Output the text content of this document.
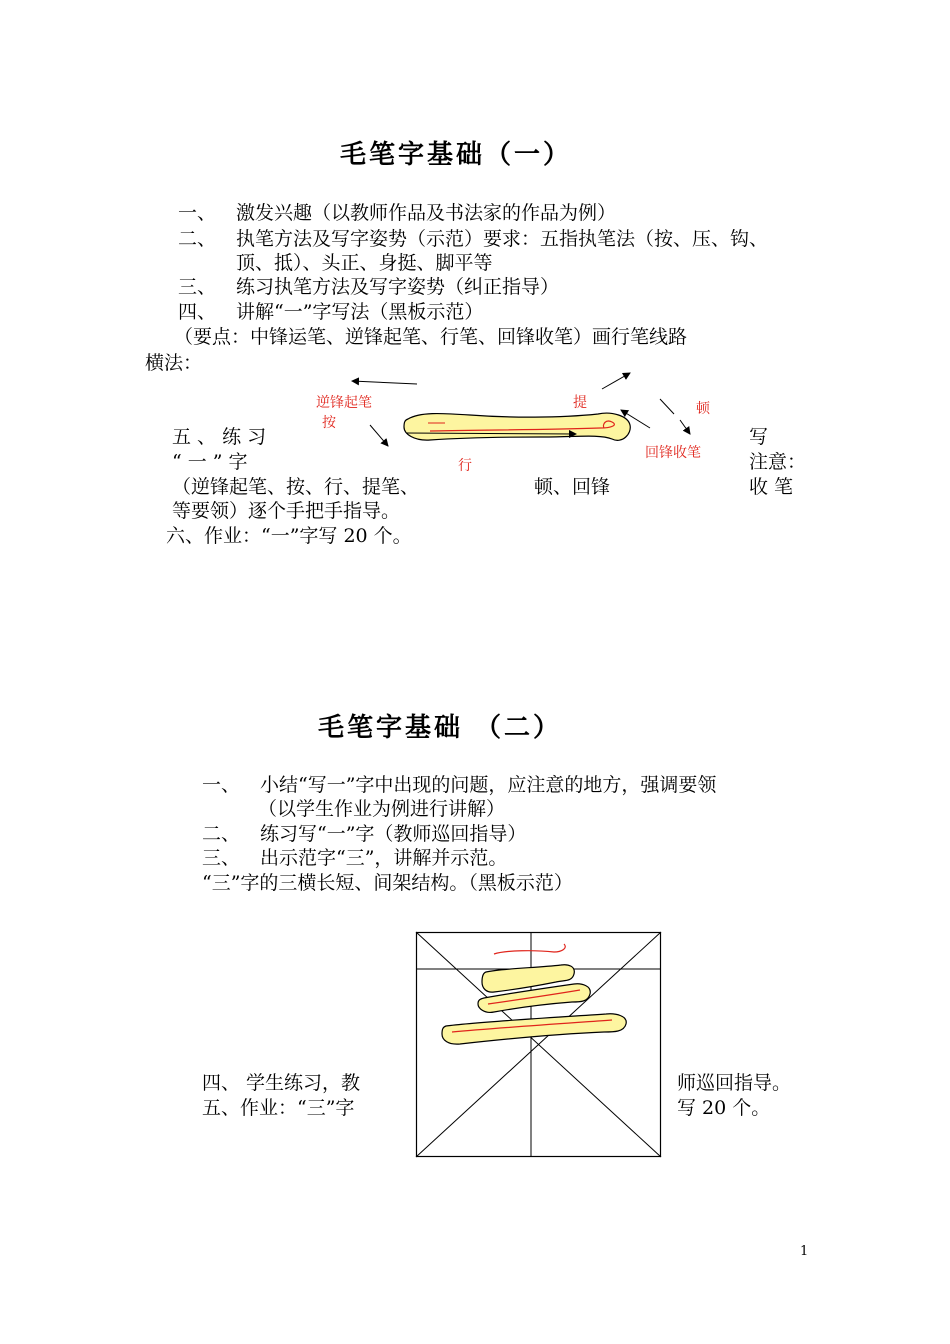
毛笔字基础（一）
一、 激发兴趣（以教师作品及书法家的作品为例）
二、 执笔方法及写字姿势（示范）要求：五指执笔法（按、压、钩、
顶、抵）、头正、身挺、脚平等
三、 练习执笔方法及写字姿势（纠正指导）
四、 讲解“一”字写法（黑板示范）
（要点：中锋运笔、逆锋起笔、行笔、回锋收笔）画行笔线路
横法：
逆锋起笔
按
提	顿
行
回锋收笔
五 、 练 习	写
“ 一 ” 字	注意：
（逆锋起笔、按、行、提笔、	顿、回锋	收 笔
等要领）逐个手把手指导。
六、作业：“一”字写 20 个。
毛笔字基础 （二）
一、 小结“写一”字中出现的问题，应注意的地方，强调要领
（以学生作业为例进行讲解）
二、 练习写“一”字（教师巡回指导）
三、 出示范字“三”，讲解并示范。
“三”字的三横长短、间架结构。（黑板示范）
四、 学生练习，教	师巡回指导。
五、作业：“三”字	写 20 个。
1
